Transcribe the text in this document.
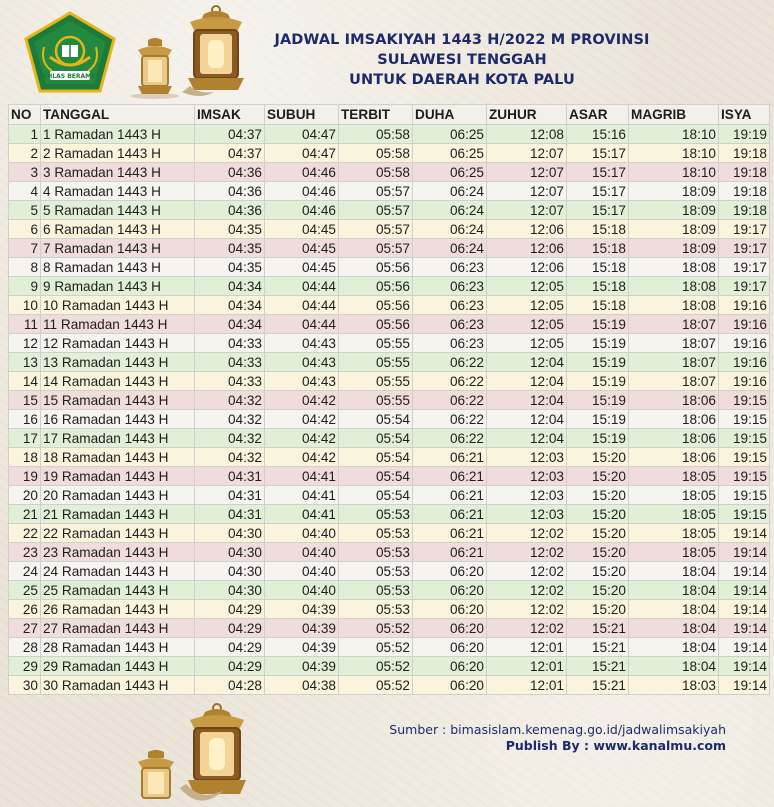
IKHLAS BERAMAL
JADWAL IMSAKIYAH 1443 H/2022 M PROVINSI
SULAWESI TENGGAH
UNTUK DAERAH KOTA PALU
NO	TANGGAL	IMSAK	SUBUH	TERBIT	DUHA	ZUHUR	ASAR	MAGRIB	ISYA
1	1 Ramadan 1443 H	04:37	04:47	05:58	06:25	12:08	15:16	18:10	19:19
2	2 Ramadan 1443 H	04:37	04:47	05:58	06:25	12:07	15:17	18:10	19:18
3	3 Ramadan 1443 H	04:36	04:46	05:58	06:25	12:07	15:17	18:10	19:18
4	4 Ramadan 1443 H	04:36	04:46	05:57	06:24	12:07	15:17	18:09	19:18
5	5 Ramadan 1443 H	04:36	04:46	05:57	06:24	12:07	15:17	18:09	19:18
6	6 Ramadan 1443 H	04:35	04:45	05:57	06:24	12:06	15:18	18:09	19:17
7	7 Ramadan 1443 H	04:35	04:45	05:57	06:24	12:06	15:18	18:09	19:17
8	8 Ramadan 1443 H	04:35	04:45	05:56	06:23	12:06	15:18	18:08	19:17
9	9 Ramadan 1443 H	04:34	04:44	05:56	06:23	12:05	15:18	18:08	19:17
10	10 Ramadan 1443 H	04:34	04:44	05:56	06:23	12:05	15:18	18:08	19:16
11	11 Ramadan 1443 H	04:34	04:44	05:56	06:23	12:05	15:19	18:07	19:16
12	12 Ramadan 1443 H	04:33	04:43	05:55	06:23	12:05	15:19	18:07	19:16
13	13 Ramadan 1443 H	04:33	04:43	05:55	06:22	12:04	15:19	18:07	19:16
14	14 Ramadan 1443 H	04:33	04:43	05:55	06:22	12:04	15:19	18:07	19:16
15	15 Ramadan 1443 H	04:32	04:42	05:55	06:22	12:04	15:19	18:06	19:15
16	16 Ramadan 1443 H	04:32	04:42	05:54	06:22	12:04	15:19	18:06	19:15
17	17 Ramadan 1443 H	04:32	04:42	05:54	06:22	12:04	15:19	18:06	19:15
18	18 Ramadan 1443 H	04:32	04:42	05:54	06:21	12:03	15:20	18:06	19:15
19	19 Ramadan 1443 H	04:31	04:41	05:54	06:21	12:03	15:20	18:05	19:15
20	20 Ramadan 1443 H	04:31	04:41	05:54	06:21	12:03	15:20	18:05	19:15
21	21 Ramadan 1443 H	04:31	04:41	05:53	06:21	12:03	15:20	18:05	19:15
22	22 Ramadan 1443 H	04:30	04:40	05:53	06:21	12:02	15:20	18:05	19:14
23	23 Ramadan 1443 H	04:30	04:40	05:53	06:21	12:02	15:20	18:05	19:14
24	24 Ramadan 1443 H	04:30	04:40	05:53	06:20	12:02	15:20	18:04	19:14
25	25 Ramadan 1443 H	04:30	04:40	05:53	06:20	12:02	15:20	18:04	19:14
26	26 Ramadan 1443 H	04:29	04:39	05:53	06:20	12:02	15:20	18:04	19:14
27	27 Ramadan 1443 H	04:29	04:39	05:52	06:20	12:02	15:21	18:04	19:14
28	28 Ramadan 1443 H	04:29	04:39	05:52	06:20	12:01	15:21	18:04	19:14
29	29 Ramadan 1443 H	04:29	04:39	05:52	06:20	12:01	15:21	18:04	19:14
30	30 Ramadan 1443 H	04:28	04:38	05:52	06:20	12:01	15:21	18:03	19:14
Sumber : bimasislam.kemenag.go.id/jadwalimsakiyah
Publish By : www.kanalmu.com
